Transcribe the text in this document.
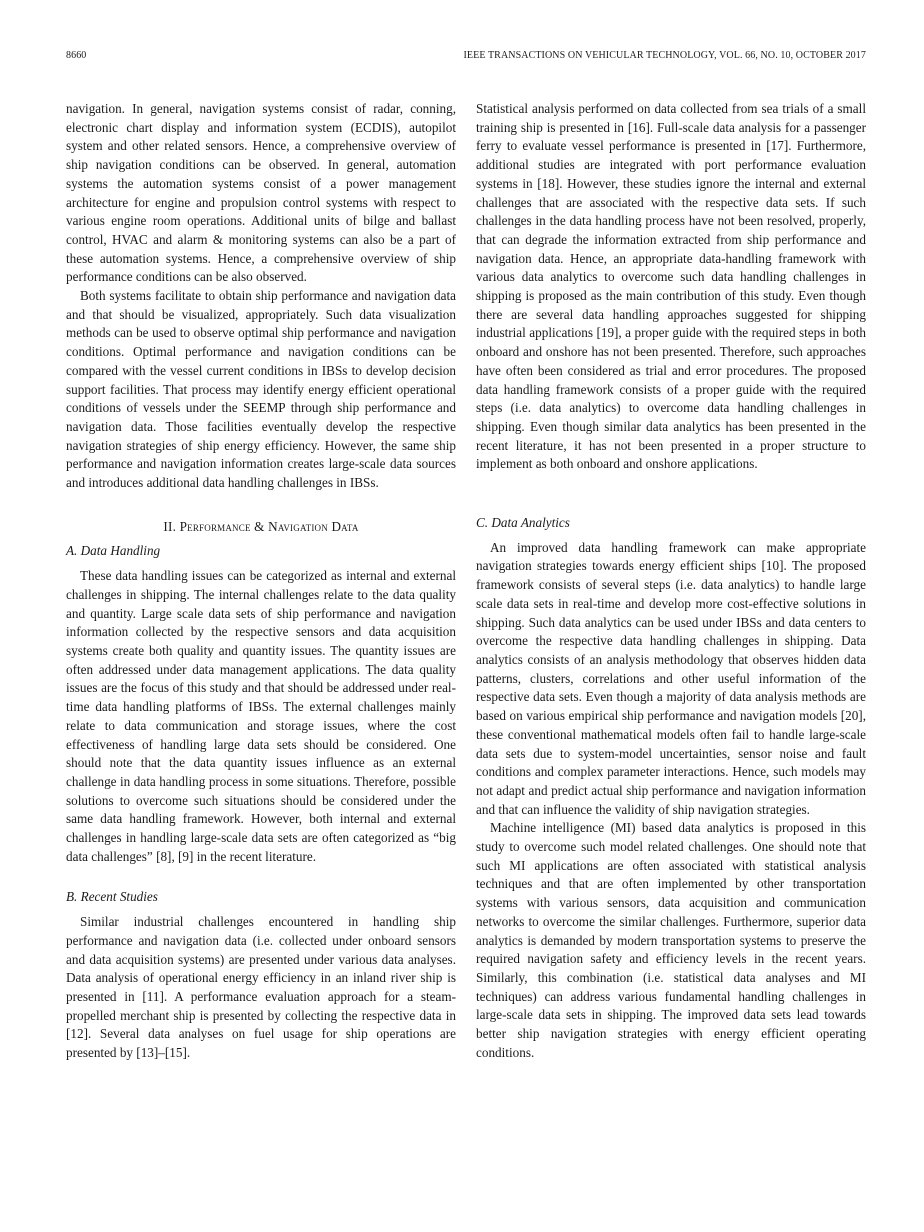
8660	IEEE TRANSACTIONS ON VEHICULAR TECHNOLOGY, VOL. 66, NO. 10, OCTOBER 2017

navigation. In general, navigation systems consist of radar, conning, electronic chart display and information system (ECDIS), autopilot system and other related sensors. Hence, a comprehensive overview of ship navigation conditions can be observed. In general, automation systems the automation systems consist of a power management architecture for engine and propulsion control systems with respect to various engine room operations. Additional units of bilge and ballast control, HVAC and alarm & monitoring systems can also be a part of these automation systems. Hence, a comprehensive overview of ship performance conditions can be also observed.

Both systems facilitate to obtain ship performance and navigation data and that should be visualized, appropriately. Such data visualization methods can be used to observe optimal ship performance and navigation conditions. Optimal performance and navigation conditions can be compared with the vessel current conditions in IBSs to develop decision support facilities. That process may identify energy efficient operational conditions of vessels under the SEEMP through ship performance and navigation data. Those facilities eventually develop the respective navigation strategies of ship energy efficiency. However, the same ship performance and navigation information creates large-scale data sources and introduces additional data handling challenges in IBSs.

II. Performance & Navigation Data
A. Data Handling

These data handling issues can be categorized as internal and external challenges in shipping. The internal challenges relate to the data quality and quantity. Large scale data sets of ship performance and navigation information collected by the respective sensors and data acquisition systems create both quality and quantity issues. The quantity issues are often addressed under data management applications. The data quality issues are the focus of this study and that should be addressed under real-time data handling platforms of IBSs. The external challenges mainly relate to data communication and storage issues, where the cost effectiveness of handling large data sets should be considered. One should note that the data quantity issues influence as an external challenge in data handling process in some situations. Therefore, possible solutions to overcome such situations should be considered under the same data handling framework. However, both internal and external challenges in handling large-scale data sets are often categorized as “big data challenges” [8], [9] in the recent literature.

B. Recent Studies

Similar industrial challenges encountered in handling ship performance and navigation data (i.e. collected under onboard sensors and data acquisition systems) are presented under various data analyses. Data analysis of operational energy efficiency in an inland river ship is presented in [11]. A performance evaluation approach for a steam-propelled merchant ship is presented by collecting the respective data in [12]. Several data analyses on fuel usage for ship operations are presented by [13]–[15].

Statistical analysis performed on data collected from sea trials of a small training ship is presented in [16]. Full-scale data analysis for a passenger ferry to evaluate vessel performance is presented in [17]. Furthermore, additional studies are integrated with port performance evaluation systems in [18]. However, these studies ignore the internal and external challenges that are associated with the respective data sets. If such challenges in the data handling process have not been resolved, properly, that can degrade the information extracted from ship performance and navigation data. Hence, an appropriate data-handling framework with various data analytics to overcome such data handling challenges in shipping is proposed as the main contribution of this study. Even though there are several data handling approaches suggested for shipping industrial applications [19], a proper guide with the required steps in both onboard and onshore has not been presented. Therefore, such approaches have often been considered as trial and error procedures. The proposed data handling framework consists of a proper guide with the required steps (i.e. data analytics) to overcome data handling challenges in shipping. Even though similar data analytics has been presented in the recent literature, it has not been presented in a proper structure to implement as both onboard and onshore applications.

C. Data Analytics

An improved data handling framework can make appropriate navigation strategies towards energy efficient ships [10]. The proposed framework consists of several steps (i.e. data analytics) to handle large scale data sets in real-time and develop more cost-effective solutions in shipping. Such data analytics can be used under IBSs and data centers to overcome the respective data handling challenges in shipping. Data analytics consists of an analysis methodology that observes hidden data patterns, clusters, correlations and other useful information of the respective data sets. Even though a majority of data analysis methods are based on various empirical ship performance and navigation models [20], these conventional mathematical models often fail to handle large-scale data sets due to system-model uncertainties, sensor noise and fault conditions and complex parameter interactions. Hence, such models may not adapt and predict actual ship performance and navigation information and that can influence the validity of ship navigation strategies.

Machine intelligence (MI) based data analytics is proposed in this study to overcome such model related challenges. One should note that such MI applications are often associated with statistical analysis techniques and that are often implemented by other transportation systems with various sensors, data acquisition and communication networks to overcome the similar challenges. Furthermore, superior data analytics is demanded by modern transportation systems to preserve the required navigation safety and efficiency levels in the recent years. Similarly, this combination (i.e. statistical data analyses and MI techniques) can address various fundamental handling challenges in large-scale data sets in shipping. The improved data sets lead towards better ship navigation strategies with energy efficient operating conditions.
